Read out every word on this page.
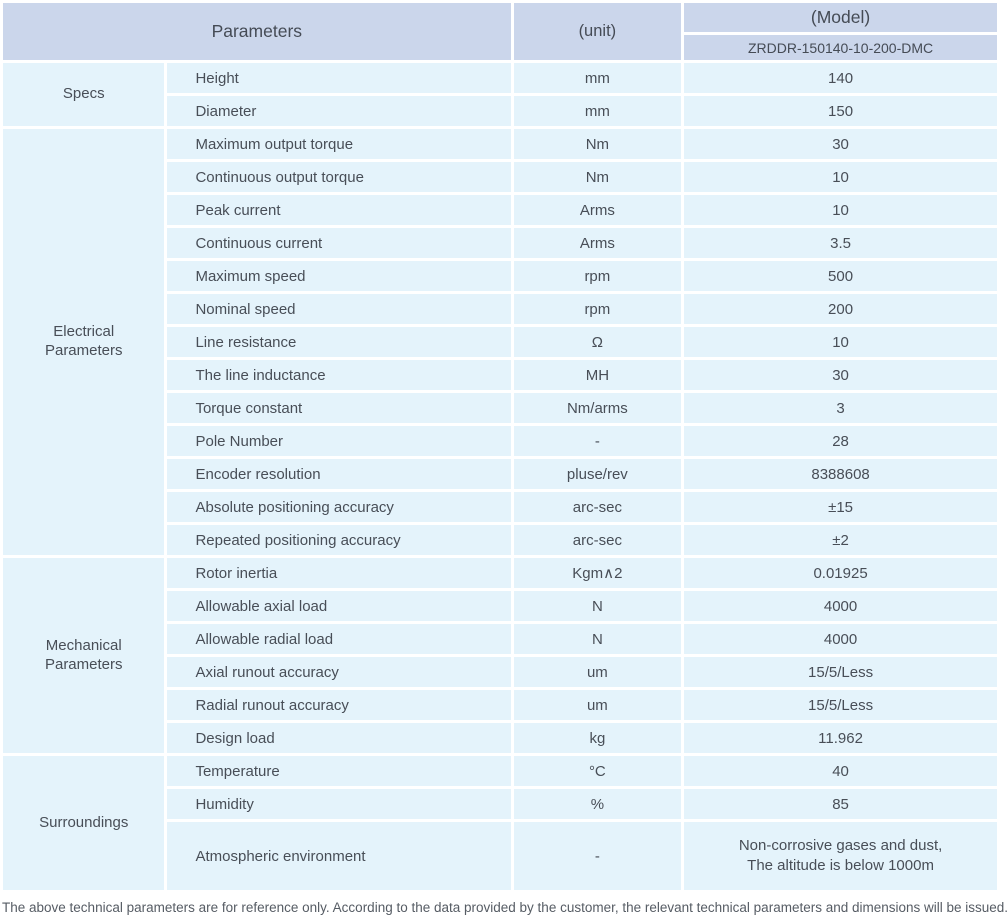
Parameters		(unit)	(Model)
			ZRDDR-150140-10-200-DMC
Specs	Height	mm	140
	Diameter	mm	150
Electrical Parameters	Maximum output torque	Nm	30
	Continuous output torque	Nm	10
	Peak current	Arms	10
	Continuous current	Arms	3.5
	Maximum speed	rpm	500
	Nominal speed	rpm	200
	Line resistance	Ω	10
	The line inductance	MH	30
	Torque constant	Nm/arms	3
	Pole Number	-	28
	Encoder resolution	pluse/rev	8388608
	Absolute positioning accuracy	arc-sec	±15
	Repeated positioning accuracy	arc-sec	±2
Mechanical Parameters	Rotor inertia	Kgm∧2	0.01925
	Allowable axial load	N	4000
	Allowable radial load	N	4000
	Axial runout accuracy	um	15/5/Less
	Radial runout accuracy	um	15/5/Less
	Design load	kg	11.962
Surroundings	Temperature	°C	40
	Humidity	%	85
	Atmospheric environment	-	Non-corrosive gases and dust,
The altitude is below 1000m
The above technical parameters are for reference only. According to the data provided by the customer, the relevant technical parameters and dimensions will be issued.
